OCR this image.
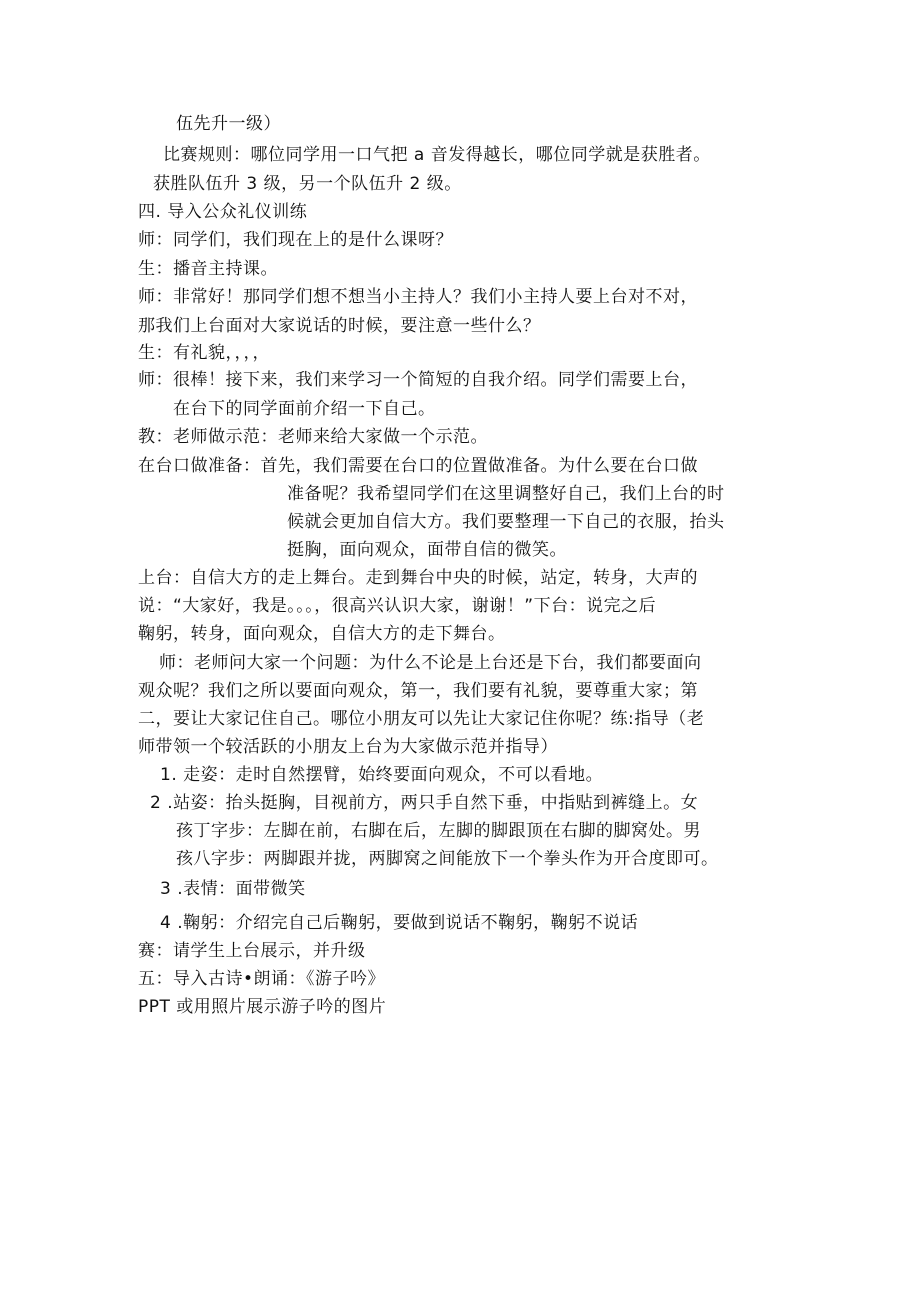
伍先升一级）
比赛规则：哪位同学用一口气把 a 音发得越长，哪位同学就是获胜者。
获胜队伍升 3 级，另一个队伍升 2 级。
四. 导入公众礼仪训练
师：同学们，我们现在上的是什么课呀？
生：播音主持课。
师：非常好！那同学们想不想当小主持人？我们小主持人要上台对不对，
那我们上台面对大家说话的时候，要注意一些什么？
生：有礼貌，，，，
师：很棒！接下来，我们来学习一个简短的自我介绍。同学们需要上台，
在台下的同学面前介绍一下自己。
教：老师做示范：老师来给大家做一个示范。
在台口做准备：首先，我们需要在台口的位置做准备。为什么要在台口做
准备呢？我希望同学们在这里调整好自己，我们上台的时
候就会更加自信大方。我们要整理一下自己的衣服，抬头
挺胸，面向观众，面带自信的微笑。
上台：自信大方的走上舞台。走到舞台中央的时候，站定，转身，大声的
说：“大家好，我是。。。，很高兴认识大家，谢谢！”下台：说完之后
鞠躬，转身，面向观众，自信大方的走下舞台。
师：老师问大家一个问题：为什么不论是上台还是下台，我们都要面向
观众呢？我们之所以要面向观众，第一，我们要有礼貌，要尊重大家；第
二，要让大家记住自己。哪位小朋友可以先让大家记住你呢？练:指导（老
师带领一个较活跃的小朋友上台为大家做示范并指导）
1. 走姿：走时自然摆臂，始终要面向观众，不可以看地。
2 .站姿：抬头挺胸，目视前方，两只手自然下垂，中指贴到裤缝上。女
孩丁字步：左脚在前，右脚在后，左脚的脚跟顶在右脚的脚窝处。男
孩八字步：两脚跟并拢，两脚窝之间能放下一个拳头作为开合度即可。
3 .表情：面带微笑
4 .鞠躬：介绍完自己后鞠躬，要做到说话不鞠躬，鞠躬不说话
赛：请学生上台展示，并升级
五：导入古诗•朗诵：《游子吟》
PPT 或用照片展示游子吟的图片
